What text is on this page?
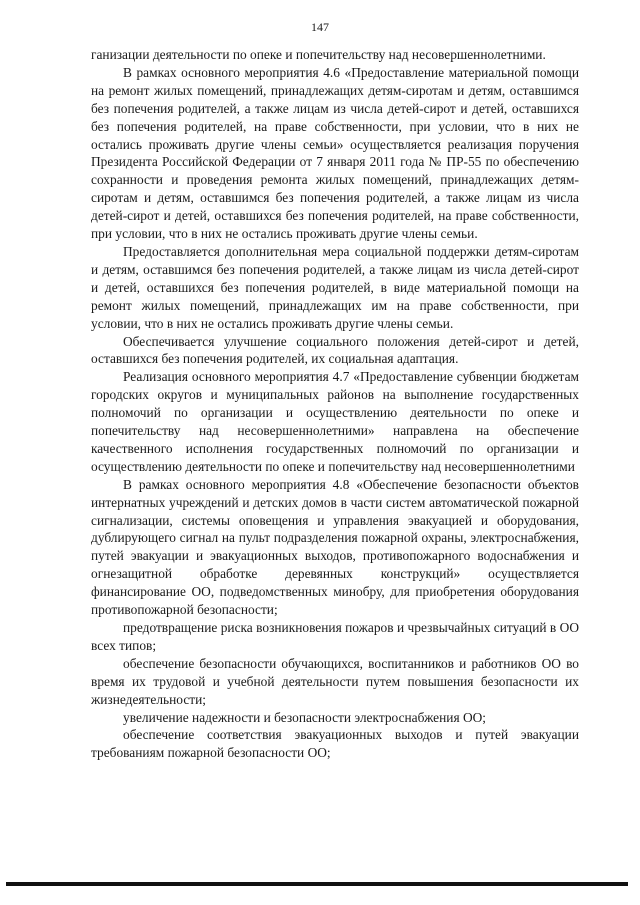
147

ганизации деятельности по опеке и попечительству над несовершеннолетними.

В рамках основного мероприятия 4.6 «Предоставление материальной помощи на ремонт жилых помещений, принадлежащих детям-сиротам и детям, оставшимся без попечения родителей, а также лицам из числа детей-сирот и детей, оставшихся без попечения родителей, на праве собственности, при условии, что в них не остались проживать другие члены семьи» осуществляется реализация поручения Президента Российской Федерации от 7 января 2011 года № ПР-55 по обеспечению сохранности и проведения ремонта жилых помещений, принадлежащих детям-сиротам и детям, оставшимся без попечения родителей, а также лицам из числа детей-сирот и детей, оставшихся без попечения родителей, на праве собственности, при условии, что в них не остались проживать другие члены семьи.

Предоставляется дополнительная мера социальной поддержки детям-сиротам и детям, оставшимся без попечения родителей, а также лицам из числа детей-сирот и детей, оставшихся без попечения родителей, в виде материальной помощи на ремонт жилых помещений, принадлежащих им на праве собственности, при условии, что в них не остались проживать другие члены семьи.

Обеспечивается улучшение социального положения детей-сирот и детей, оставшихся без попечения родителей, их социальная адаптация.

Реализация основного мероприятия 4.7 «Предоставление субвенции бюджетам городских округов и муниципальных районов на выполнение государственных полномочий по организации и осуществлению деятельности по опеке и попечительству над несовершеннолетними» направлена на обеспечение качественного исполнения государственных полномочий по организации и осуществлению деятельности по опеке и попечительству над несовершеннолетними

В рамках основного мероприятия 4.8 «Обеспечение безопасности объектов интернатных учреждений и детских домов в части систем автоматической пожарной сигнализации, системы оповещения и управления эвакуацией и оборудования, дублирующего сигнал на пульт подразделения пожарной охраны, электроснабжения, путей эвакуации и эвакуационных выходов, противопожарного водоснабжения и огнезащитной обработке деревянных конструкций» осуществляется финансирование ОО, подведомственных минобру, для приобретения оборудования противопожарной безопасности;

предотвращение риска возникновения пожаров и чрезвычайных ситуаций в ОО всех типов;

обеспечение безопасности обучающихся, воспитанников и работников ОО во время их трудовой и учебной деятельности путем повышения безопасности их жизнедеятельности;

увеличение надежности и безопасности электроснабжения ОО;

обеспечение соответствия эвакуационных выходов и путей эвакуации требованиям пожарной безопасности ОО;
